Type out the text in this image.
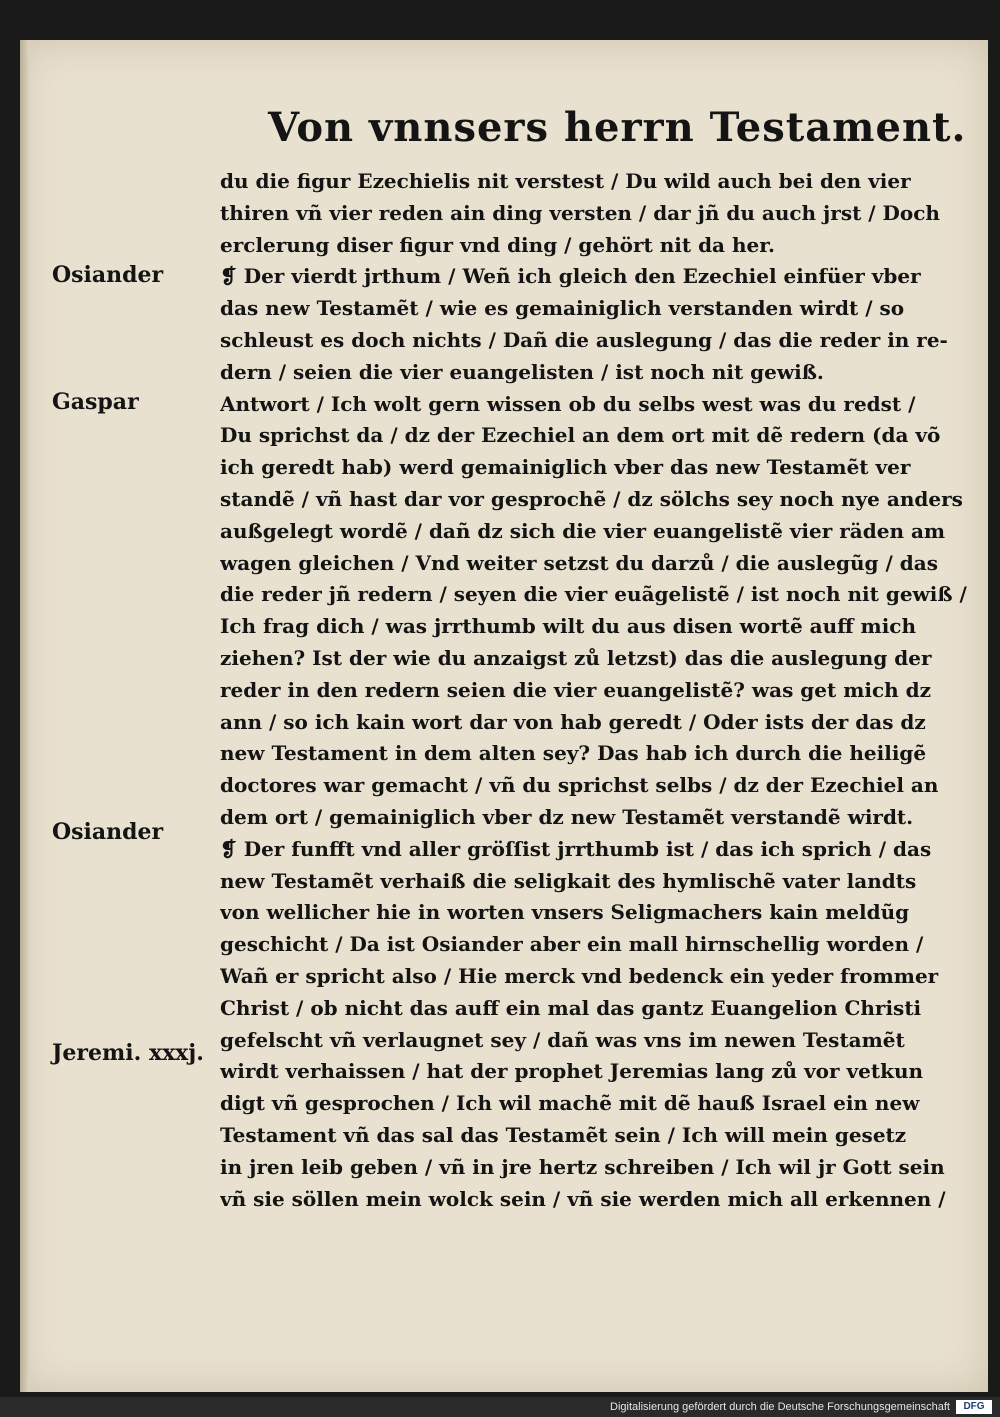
Von vnnsers herrn Testament.
Osiander
Gaspar
Osiander
Jeremi. xxxj.
du die figur Ezechielis nit verstest / Du wild auch bei den vier
thiren vñ vier reden ain ding versten / dar jñ du auch jrst / Doch
erclerung diser figur vnd ding / gehört nit da her.
❡ Der vierdt jrthum / Weñ ich gleich den Ezechiel einfüer vber
das new Testamẽt / wie es gemainiglich verstanden wirdt / so
schleust es doch nichts / Dañ die auslegung / das die reder in re-
dern / seien die vier euangelisten / ist noch nit gewiß.
Antwort / Ich wolt gern wissen ob du selbs west was du redst /
Du sprichst da / dz der Ezechiel an dem ort mit dẽ redern (da võ
ich geredt hab) werd gemainiglich vber das new Testamẽt ver
standẽ / vñ hast dar vor gesprochẽ / dz sölchs sey noch nye anders
außgelegt wordẽ / dañ dz sich die vier euangelistẽ vier räden am
wagen gleichen / Vnd weiter setzst du darzů / die auslegũg / das
die reder jñ redern / seyen die vier euãgelistẽ / ist noch nit gewiß /
Ich frag dich / was jrrthumb wilt du aus disen wortẽ auff mich
ziehen? Ist der wie du anzaigst zů letzst) das die auslegung der
reder in den redern seien die vier euangelistẽ? was get mich dz
ann / so ich kain wort dar von hab geredt / Oder ists der das dz
new Testament in dem alten sey? Das hab ich durch die heiligẽ
doctores war gemacht / vñ du sprichst selbs / dz der Ezechiel an
dem ort / gemainiglich vber dz new Testamẽt verstandẽ wirdt.
❡ Der funfft vnd aller gröſſist jrrthumb ist / das ich sprich / das
new Testamẽt verhaiß die seligkait des hymlischẽ vater landts
von wellicher hie in worten vnsers Seligmachers kain meldũg
geschicht / Da ist Osiander aber ein mall hirnschellig worden /
Wañ er spricht also / Hie merck vnd bedenck ein yeder frommer
Christ / ob nicht das auff ein mal das gantz Euangelion Christi
gefelscht vñ verlaugnet sey / dañ was vns im newen Testamẽt
wirdt verhaissen / hat der prophet Jeremias lang zů vor vetkun
digt vñ gesprochen / Ich wil machẽ mit dẽ hauß Israel ein new
Testament vñ das sal das Testamẽt sein / Ich will mein gesetz
in jren leib geben / vñ in jre hertz schreiben / Ich wil jr Gott sein
vñ sie söllen mein wolck sein / vñ sie werden mich all erkennen /
Digitalisierung gefördert durch die Deutsche Forschungsgemeinschaft	DFG
